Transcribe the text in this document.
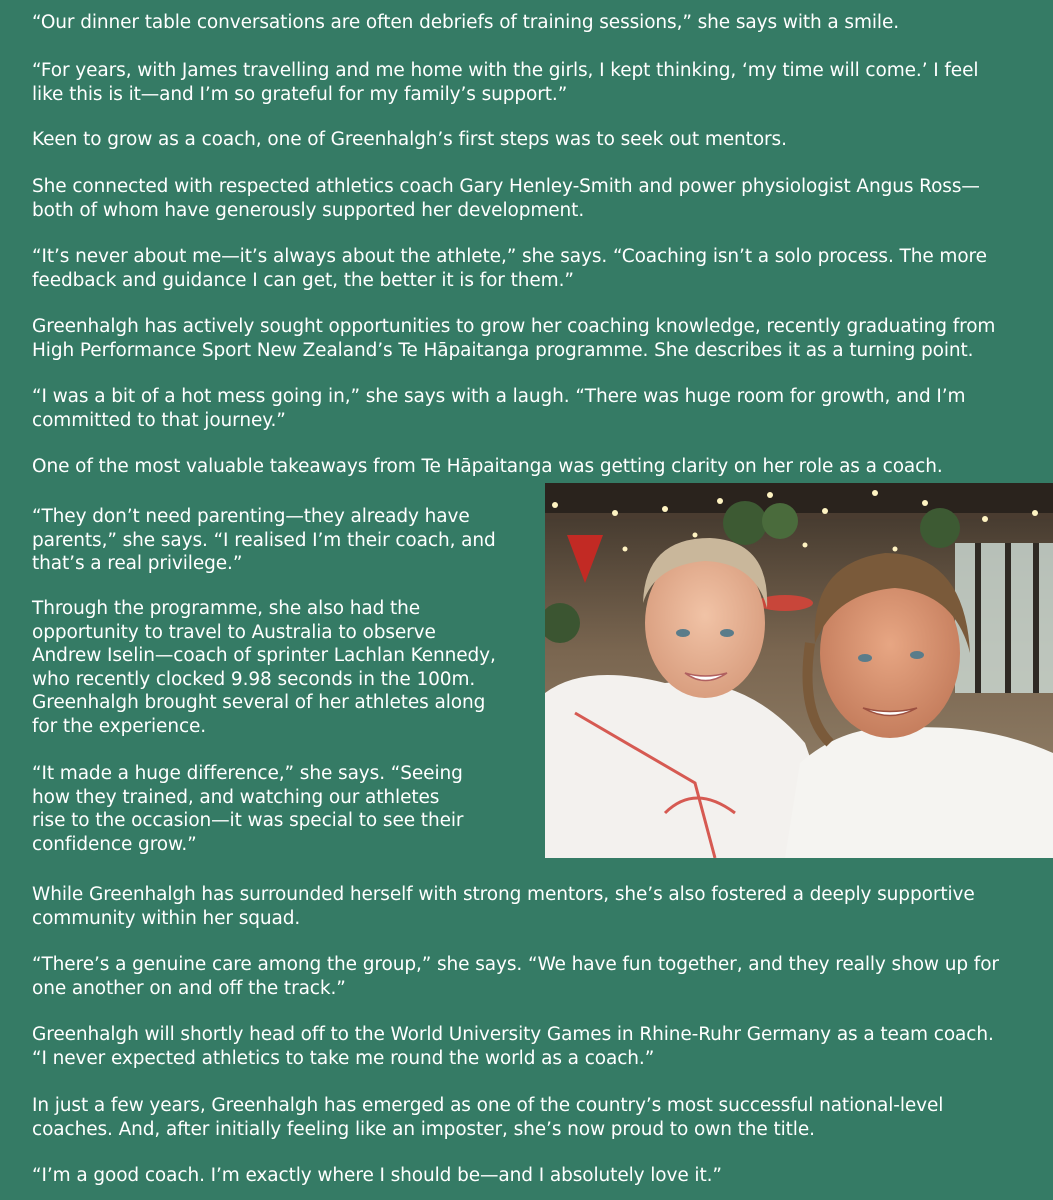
“Our dinner table conversations are often debriefs of training sessions,” she says with a smile.

“For years, with James travelling and me home with the girls, I kept thinking, ‘my time will come.’ I feel
like this is it—and I’m so grateful for my family’s support.”

Keen to grow as a coach, one of Greenhalgh’s first steps was to seek out mentors.

She connected with respected athletics coach Gary Henley-Smith and power physiologist Angus Ross—
both of whom have generously supported her development.

“It’s never about me—it’s always about the athlete,” she says. “Coaching isn’t a solo process. The more
feedback and guidance I can get, the better it is for them.”

Greenhalgh has actively sought opportunities to grow her coaching knowledge, recently graduating from
High Performance Sport New Zealand’s Te Hāpaitanga programme. She describes it as a turning point.

“I was a bit of a hot mess going in,” she says with a laugh. “There was huge room for growth, and I’m
committed to that journey.”

One of the most valuable takeaways from Te Hāpaitanga was getting clarity on her role as a coach.

“They don’t need parenting—they already have
parents,” she says. “I realised I’m their coach, and
that’s a real privilege.”

Through the programme, she also had the
opportunity to travel to Australia to observe
Andrew Iselin—coach of sprinter Lachlan Kennedy,
who recently clocked 9.98 seconds in the 100m.
Greenhalgh brought several of her athletes along
for the experience.

“It made a huge difference,” she says. “Seeing
how they trained, and watching our athletes
rise to the occasion—it was special to see their
confidence grow.”

While Greenhalgh has surrounded herself with strong mentors, she’s also fostered a deeply supportive
community within her squad.

“There’s a genuine care among the group,” she says. “We have fun together, and they really show up for
one another on and off the track.”

Greenhalgh will shortly head off to the World University Games in Rhine-Ruhr Germany as a team coach.
“I never expected athletics to take me round the world as a coach.”

In just a few years, Greenhalgh has emerged as one of the country’s most successful national-level
coaches. And, after initially feeling like an imposter, she’s now proud to own the title.

“I’m a good coach. I’m exactly where I should be—and I absolutely love it.”
